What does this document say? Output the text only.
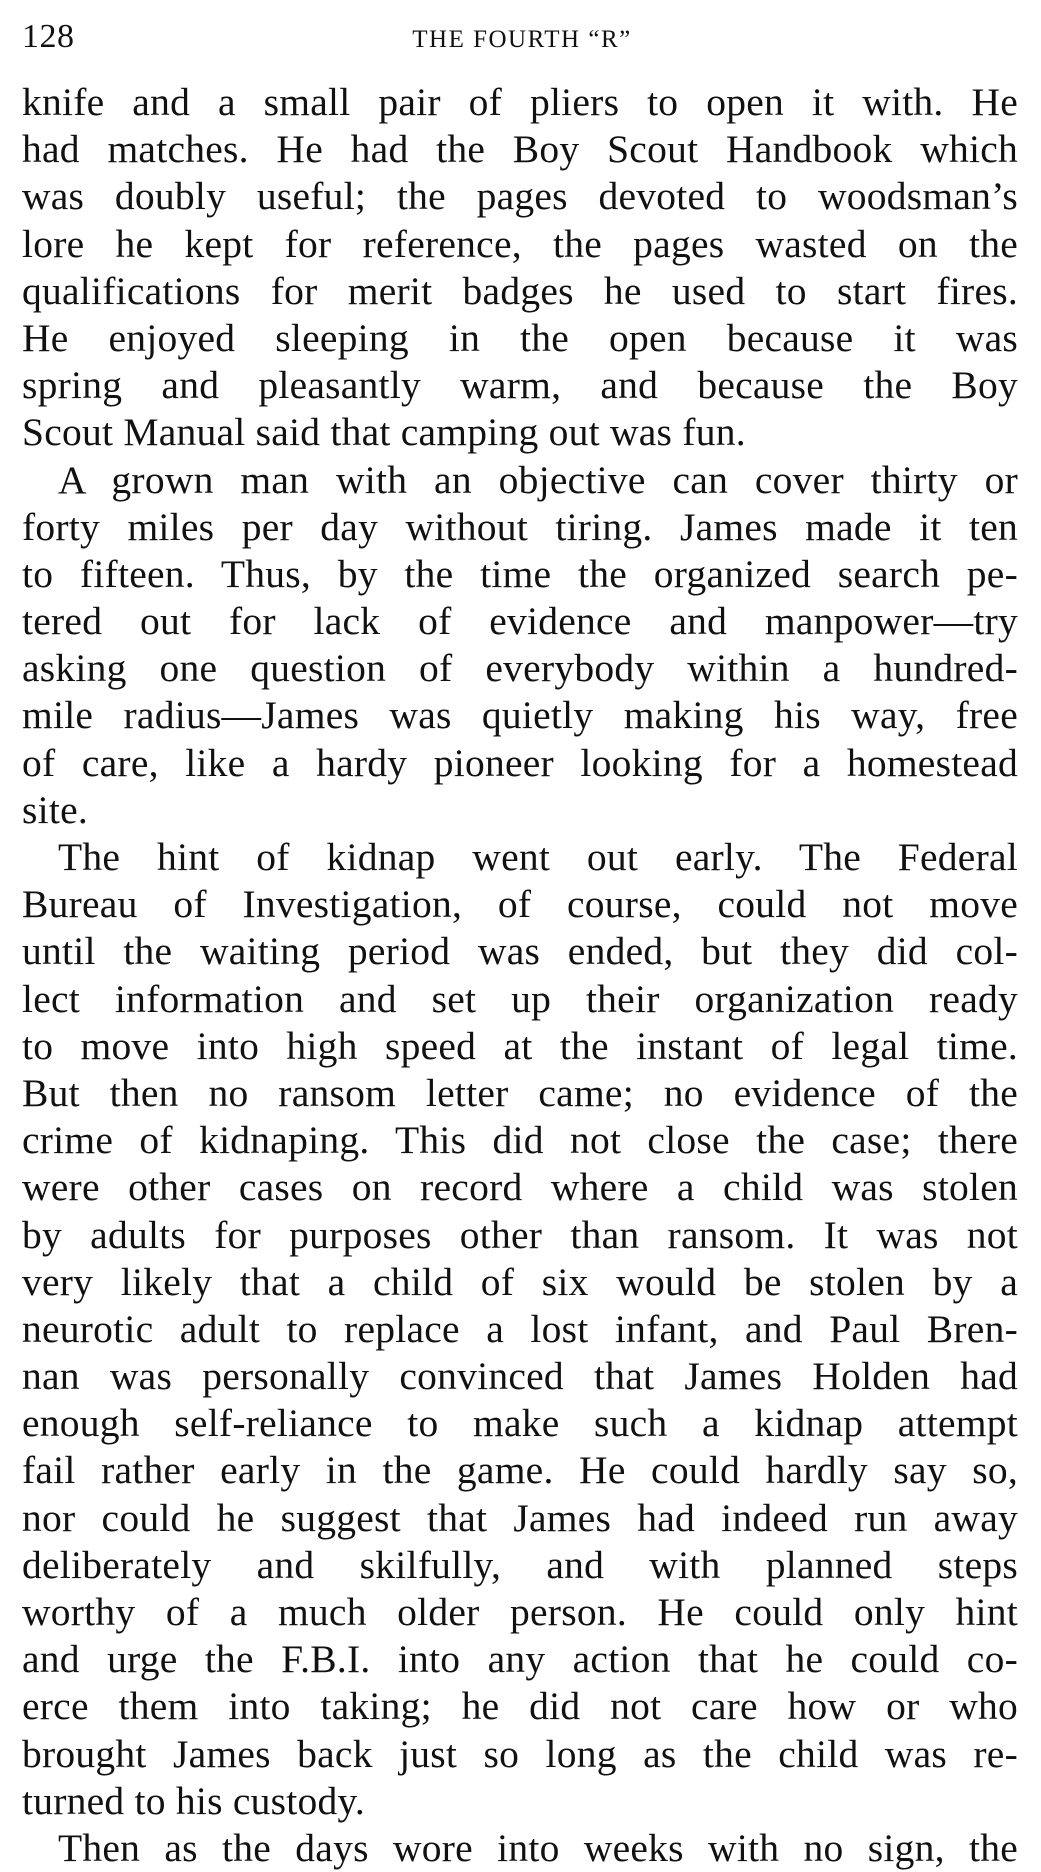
128	THE FOURTH “R”
knife and a small pair of pliers to open it with. He
had matches. He had the Boy Scout Handbook which
was doubly useful; the pages devoted to woodsman’s
lore he kept for reference, the pages wasted on the
qualifications for merit badges he used to start fires.
He enjoyed sleeping in the open because it was
spring and pleasantly warm, and because the Boy
Scout Manual said that camping out was fun.
A grown man with an objective can cover thirty or
forty miles per day without tiring. James made it ten
to fifteen. Thus, by the time the organized search pe-
tered out for lack of evidence and manpower—try
asking one question of everybody within a hundred-
mile radius—James was quietly making his way, free
of care, like a hardy pioneer looking for a homestead
site.
The hint of kidnap went out early. The Federal
Bureau of Investigation, of course, could not move
until the waiting period was ended, but they did col-
lect information and set up their organization ready
to move into high speed at the instant of legal time.
But then no ransom letter came; no evidence of the
crime of kidnaping. This did not close the case; there
were other cases on record where a child was stolen
by adults for purposes other than ransom. It was not
very likely that a child of six would be stolen by a
neurotic adult to replace a lost infant, and Paul Bren-
nan was personally convinced that James Holden had
enough self-reliance to make such a kidnap attempt
fail rather early in the game. He could hardly say so,
nor could he suggest that James had indeed run away
deliberately and skilfully, and with planned steps
worthy of a much older person. He could only hint
and urge the F.B.I. into any action that he could co-
erce them into taking; he did not care how or who
brought James back just so long as the child was re-
turned to his custody.
Then as the days wore into weeks with no sign, the
